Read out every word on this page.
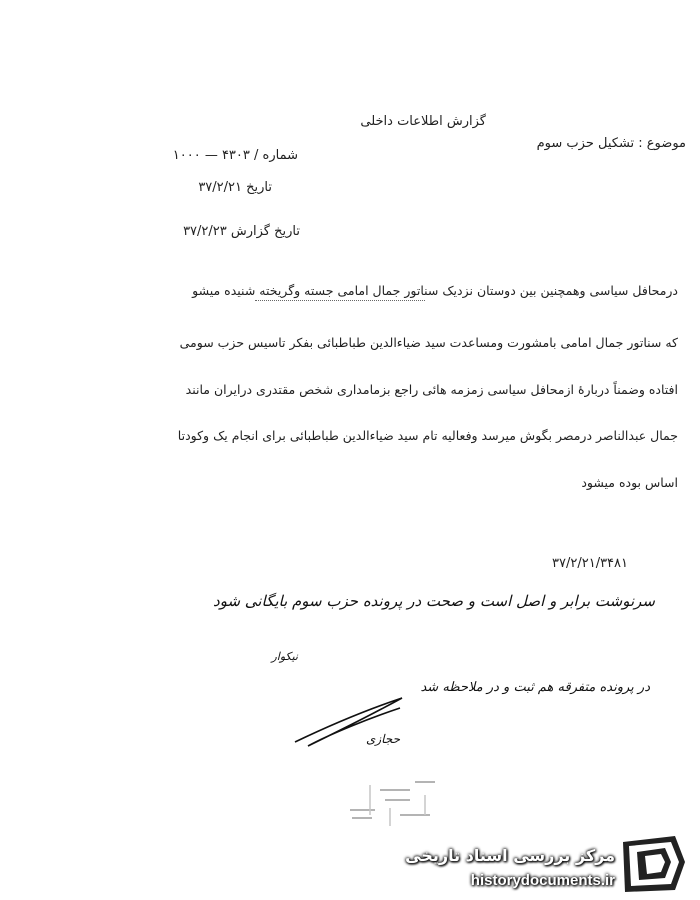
گزارش اطلاعات داخلی
موضوع : تشکیل حزب سوم
شماره / ۴۳۰۳ — ۱۰۰۰
تاریخ ۳۷/۲/۲۱
تاریخ گزارش ۳۷/۲/۲۳
درمحافل سیاسی وهمچنین بین دوستان نزدیک سناتور جمال امامی جسته وگریخته شنیده میشو
که سناتور جمال امامی بامشورت ومساعدت سید ضیاءالدین طباطبائی بفکر تاسیس حزب سومی
افتاده وضمناً دربارهٔ ازمحافل سیاسی زمزمه هائی راجع بزمامداری شخص مقتدری درایران مانند
جمال عبدالناصر درمصر بگوش میرسد وفعالیه تام سید ضیاءالدین طباطبائی برای انجام یک وکودتا
اساس بوده میشود
۳۷/۲/۲۱/۳۴۸۱
سرنوشت برابر و اصل است و صحت در پرونده حزب سوم بایگانی شود
نیکوار
در پرونده متفرقه هم ثبت و در ملاحظه شد
حجازی
مرکز بررسی اسناد تاریخی
historydocuments.ir
